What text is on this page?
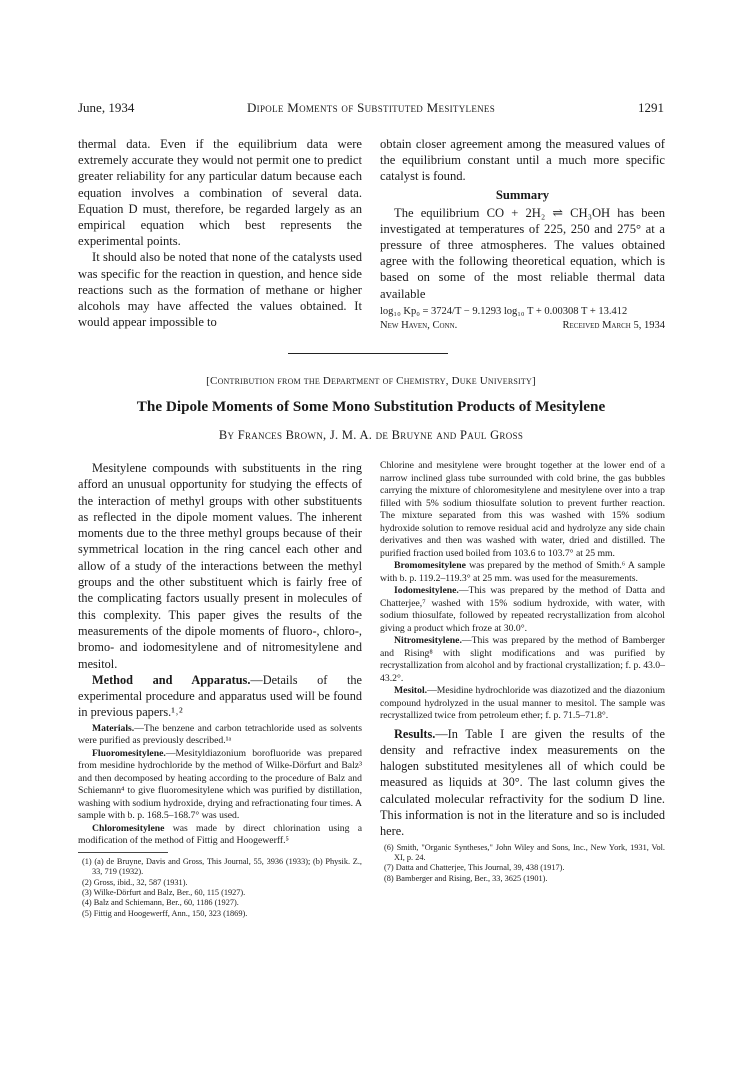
June, 1934	Dipole Moments of Substituted Mesitylenes	1291

thermal data. Even if the equilibrium data were extremely accurate they would not permit one to predict greater reliability for any particular datum because each equation involves a combination of several data. Equation D must, therefore, be regarded largely as an empirical equation which best represents the experimental points.

It should also be noted that none of the catalysts used was specific for the reaction in question, and hence side reactions such as the formation of methane or higher alcohols may have affected the values obtained. It would appear impossible to

obtain closer agreement among the measured values of the equilibrium constant until a much more specific catalyst is found.

Summary

The equilibrium CO + 2H₂ ⇌ CH₃OH has been investigated at temperatures of 225, 250 and 275° at a pressure of three atmospheres. The values obtained agree with the following theoretical equation, which is based on some of the most reliable thermal data available

log₁₀ Kp₀ = 3724/T − 9.1293 log₁₀ T + 0.00308 T + 13.412
New Haven, Conn.	Received March 5, 1934
[Contribution from the Department of Chemistry, Duke University]
The Dipole Moments of Some Mono Substitution Products of Mesitylene
By Frances Brown, J. M. A. de Bruyne and Paul Gross

Mesitylene compounds with substituents in the ring afford an unusual opportunity for studying the effects of the interaction of methyl groups with other substituents as reflected in the dipole moment values. The inherent moments due to the three methyl groups because of their symmetrical location in the ring cancel each other and allow of a study of the interactions between the methyl groups and the other substituent which is fairly free of the complicating factors usually present in molecules of this complexity. This paper gives the results of the measurements of the dipole moments of fluoro-, chloro-, bromo- and iodomesitylene and of nitromesitylene and mesitol.

Method and Apparatus.—Details of the experimental procedure and apparatus used will be found in previous papers.¹˒²

Materials.—The benzene and carbon tetrachloride used as solvents were purified as previously described.¹ᵃ

Fluoromesitylene.—Mesityldiazonium borofluoride was prepared from mesidine hydrochloride by the method of Wilke-Dörfurt and Balz³ and then decomposed by heating according to the procedure of Balz and Schiemann⁴ to give fluoromesitylene which was purified by distillation, washing with sodium hydroxide, drying and refractionating four times. A sample with b. p. 168.5–168.7° was used.

Chloromesitylene was made by direct chlorination using a modification of the method of Fittig and Hoogewerff.⁵

(1) (a) de Bruyne, Davis and Gross, This Journal, 55, 3936 (1933); (b) Physik. Z., 33, 719 (1932).

(2) Gross, ibid., 32, 587 (1931).

(3) Wilke-Dörfurt and Balz, Ber., 60, 115 (1927).

(4) Balz and Schiemann, Ber., 60, 1186 (1927).

(5) Fittig and Hoogewerff, Ann., 150, 323 (1869).

Chlorine and mesitylene were brought together at the lower end of a narrow inclined glass tube surrounded with cold brine, the gas bubbles carrying the mixture of chloromesitylene and mesitylene over into a trap filled with 5% sodium thiosulfate solution to prevent further reaction. The mixture separated from this was washed with 15% sodium hydroxide solution to remove residual acid and hydrolyze any side chain derivatives and then was washed with water, dried and distilled. The purified fraction used boiled from 103.6 to 103.7° at 25 mm.

Bromomesitylene was prepared by the method of Smith.⁶ A sample with b. p. 119.2–119.3° at 25 mm. was used for the measurements.

Iodomesitylene.—This was prepared by the method of Datta and Chatterjee,⁷ washed with 15% sodium hydroxide, with water, with sodium thiosulfate, followed by repeated recrystallization from alcohol giving a product which froze at 30.0°.

Nitromesitylene.—This was prepared by the method of Bamberger and Rising⁸ with slight modifications and was purified by recrystallization from alcohol and by fractional crystallization; f. p. 43.0–43.2°.

Mesitol.—Mesidine hydrochloride was diazotized and the diazonium compound hydrolyzed in the usual manner to mesitol. The sample was recrystallized twice from petroleum ether; f. p. 71.5–71.8°.

Results.—In Table I are given the results of the density and refractive index measurements on the halogen substituted mesitylenes all of which could be measured as liquids at 30°. The last column gives the calculated molecular refractivity for the sodium D line. This information is not in the literature and so is included here.

(6) Smith, "Organic Syntheses," John Wiley and Sons, Inc., New York, 1931, Vol. XI, p. 24.

(7) Datta and Chatterjee, This Journal, 39, 438 (1917).

(8) Bamberger and Rising, Ber., 33, 3625 (1901).
